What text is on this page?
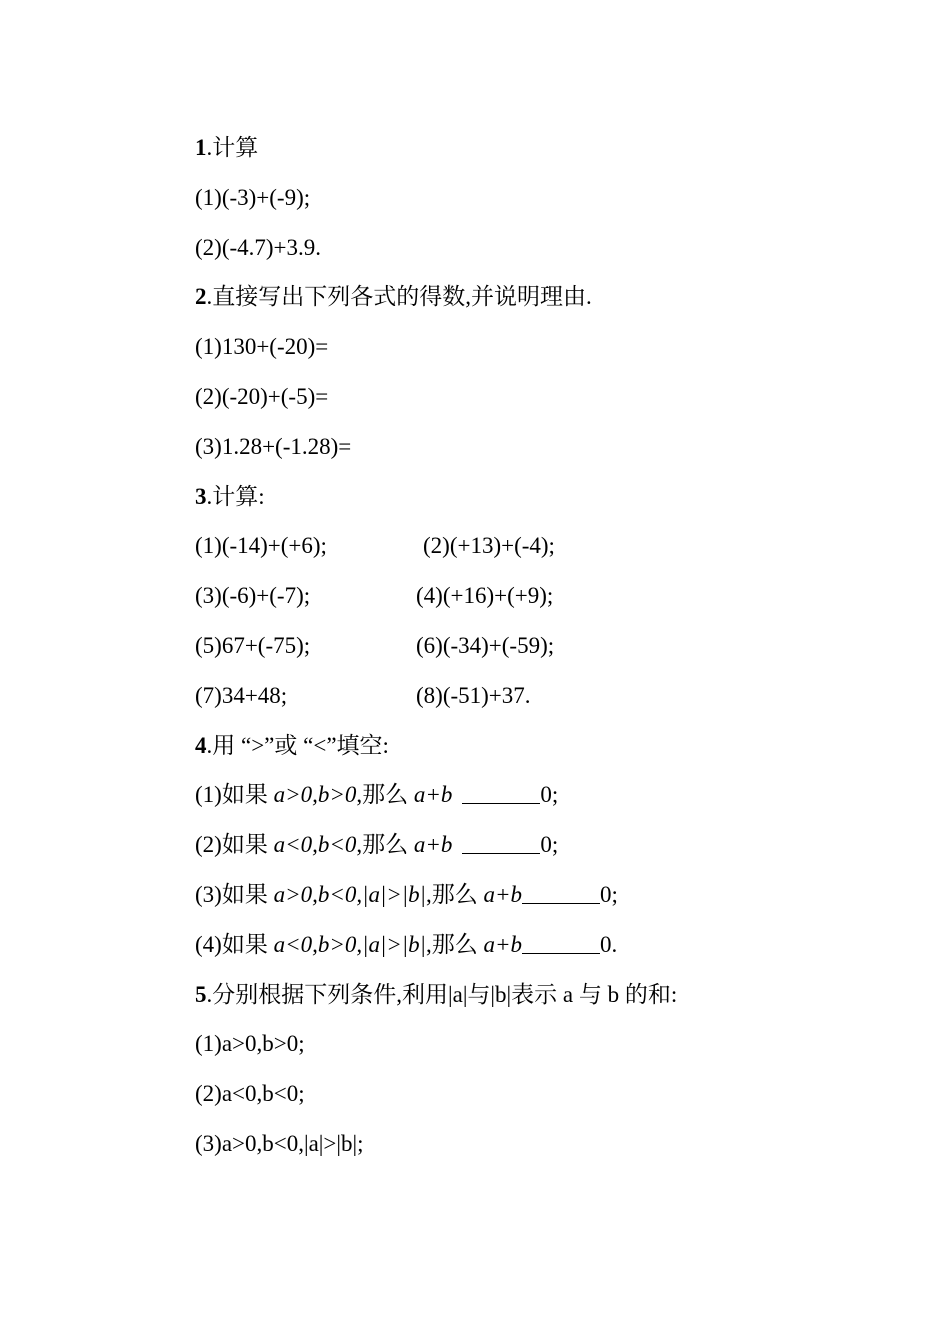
1.计算
(1)(-3)+(-9);
(2)(-4.7)+3.9.
2.直接写出下列各式的得数,并说明理由.
(1)130+(-20)=
(2)(-20)+(-5)=
(3)1.28+(-1.28)=
3.计算:
(1)(-14)+(+6);	(2)(+13)+(-4);
(3)(-6)+(-7);	(4)(+16)+(+9);
(5)67+(-75);	(6)(-34)+(-59);
(7)34+48;	(8)(-51)+37.
4.用 “>”或 “<”填空:
(1)如果 a>0,b>0,那么 a+b	0;
(2)如果 a<0,b<0,那么 a+b	0;
(3)如果 a>0,b<0,|a|>|b|,那么 a+b	0;
(4)如果 a<0,b>0,|a|>|b|,那么 a+b	0.
5.分别根据下列条件,利用|a|与|b|表示 a 与 b 的和:
(1)a>0,b>0;
(2)a<0,b<0;
(3)a>0,b<0,|a|>|b|;
